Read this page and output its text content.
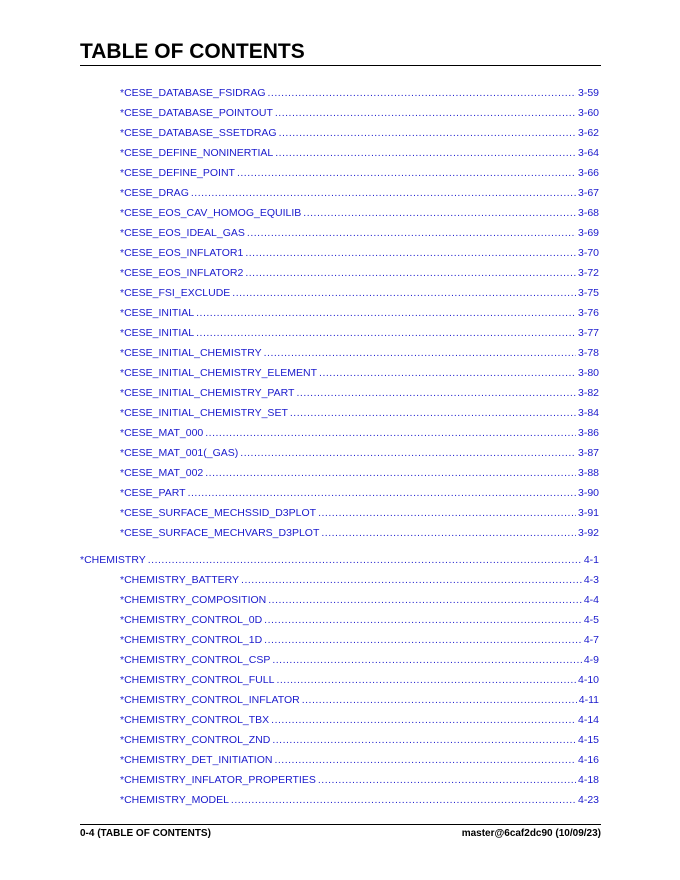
TABLE OF CONTENTS
*CESE_DATABASE_FSIDRAG .....	3-59
*CESE_DATABASE_POINTOUT .....	3-60
*CESE_DATABASE_SSETDRAG .....	3-62
*CESE_DEFINE_NONINERTIAL .....	3-64
*CESE_DEFINE_POINT .....	3-66
*CESE_DRAG .....	3-67
*CESE_EOS_CAV_HOMOG_EQUILIB .....	3-68
*CESE_EOS_IDEAL_GAS .....	3-69
*CESE_EOS_INFLATOR1 .....	3-70
*CESE_EOS_INFLATOR2 .....	3-72
*CESE_FSI_EXCLUDE .....	3-75
*CESE_INITIAL .....	3-76
*CESE_INITIAL .....	3-77
*CESE_INITIAL_CHEMISTRY .....	3-78
*CESE_INITIAL_CHEMISTRY_ELEMENT .....	3-80
*CESE_INITIAL_CHEMISTRY_PART .....	3-82
*CESE_INITIAL_CHEMISTRY_SET .....	3-84
*CESE_MAT_000 .....	3-86
*CESE_MAT_001(_GAS) .....	3-87
*CESE_MAT_002 .....	3-88
*CESE_PART .....	3-90
*CESE_SURFACE_MECHSSID_D3PLOT .....	3-91
*CESE_SURFACE_MECHVARS_D3PLOT .....	3-92
*CHEMISTRY .....	4-1
*CHEMISTRY_BATTERY .....	4-3
*CHEMISTRY_COMPOSITION .....	4-4
*CHEMISTRY_CONTROL_0D .....	4-5
*CHEMISTRY_CONTROL_1D .....	4-7
*CHEMISTRY_CONTROL_CSP .....	4-9
*CHEMISTRY_CONTROL_FULL .....	4-10
*CHEMISTRY_CONTROL_INFLATOR .....	4-11
*CHEMISTRY_CONTROL_TBX .....	4-14
*CHEMISTRY_CONTROL_ZND .....	4-15
*CHEMISTRY_DET_INITIATION .....	4-16
*CHEMISTRY_INFLATOR_PROPERTIES .....	4-18
*CHEMISTRY_MODEL .....	4-23
0-4 (TABLE OF CONTENTS)	master@6caf2dc90 (10/09/23)
